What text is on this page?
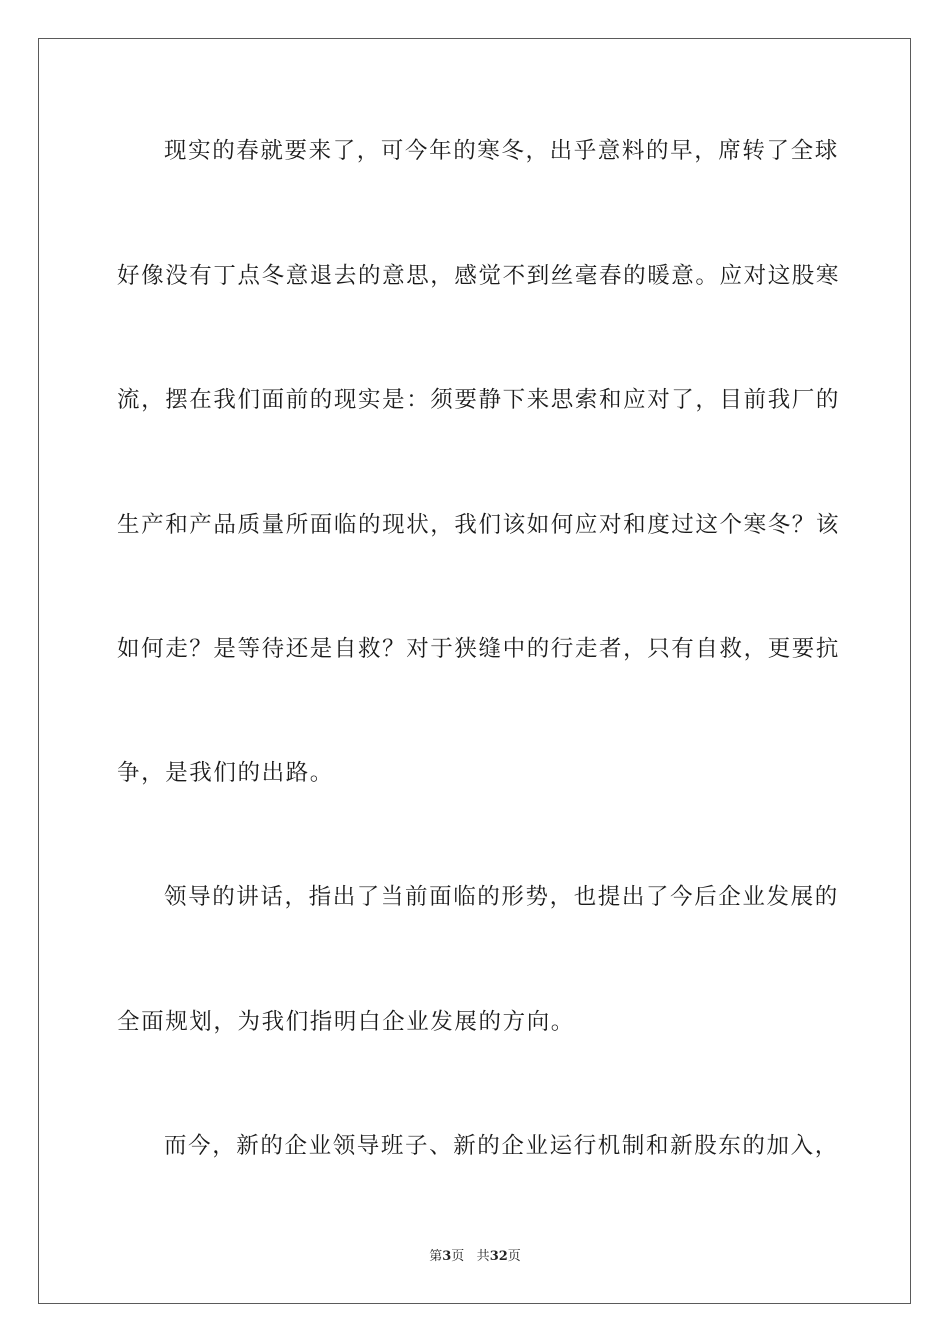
现实的春就要来了，可今年的寒冬，出乎意料的早，席转了全球
好像没有丁点冬意退去的意思，感觉不到丝毫春的暖意。应对这股寒
流，摆在我们面前的现实是：须要静下来思索和应对了，目前我厂的
生产和产品质量所面临的现状，我们该如何应对和度过这个寒冬？该
如何走？是等待还是自救？对于狭缝中的行走者，只有自救，更要抗
争，是我们的出路。
领导的讲话，指出了当前面临的形势，也提出了今后企业发展的
全面规划，为我们指明白企业发展的方向。
而今，新的企业领导班子、新的企业运行机制和新股东的加入，
第3页 共32页
